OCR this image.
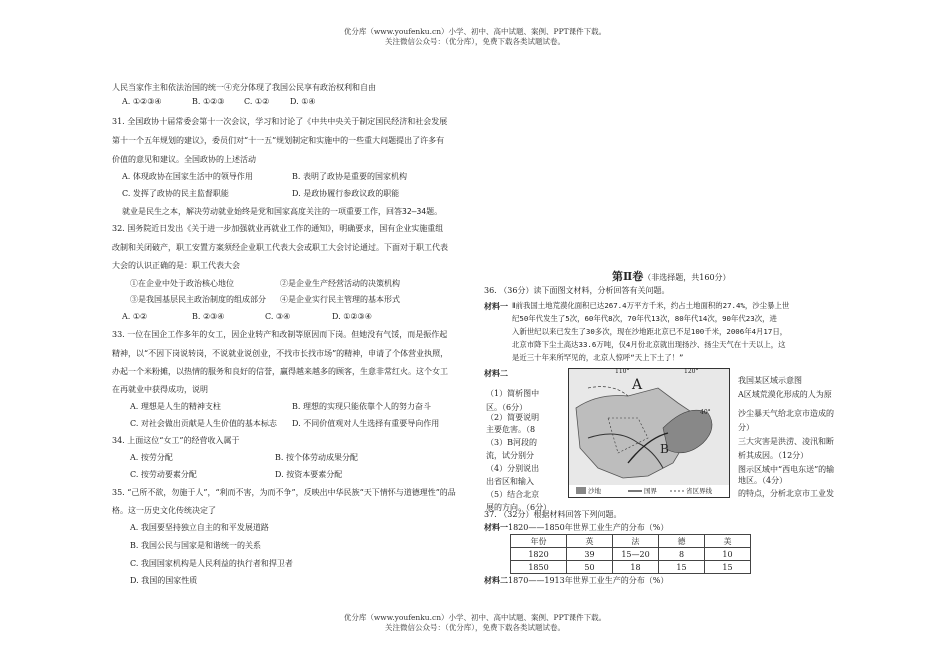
优分库（www.youfenku.cn）小学、初中、高中试题、案例、PPT课件下载。
关注微信公众号：（优分库），免费下载各类试题试卷。
人民当家作主和依法治国的统一④充分体现了我国公民享有政治权利和自由
A. ①②③④	B. ①②③ C. ①②	D. ①④
31. 全国政协十届常委会第十一次会议，学习和讨论了《中共中央关于制定国民经济和社会发展
第十一个五年规划的建议》，委员们对“十一五”规划制定和实施中的一些重大问题提出了许多有
价值的意见和建议。全国政协的上述活动
A. 体现政协在国家生活中的领导作用	B. 表明了政协是重要的国家机构
C. 发挥了政协的民主监督职能	D. 是政协履行参政议政的职能
就业是民生之本，解决劳动就业始终是党和国家高度关注的一项重要工作，回答32—34题。
32. 国务院近日发出《关于进一步加强就业再就业工作的通知》，明确要求，国有企业实施重组
改制和关闭破产，职工安置方案须经企业职工代表大会或职工大会讨论通过。下面对于职工代表
大会的认识正确的是：职工代表大会
①在企业中处于政治核心地位	②是企业生产经营活动的决策机构
③是我国基层民主政治制度的组成部分 ④是企业实行民主管理的基本形式
A. ①②	B. ②③④	C. ③④	D. ①②③④
33. 一位在国企工作多年的女工，因企业转产和改制等原因而下岗。但她没有气馁，而是振作起
精神，以“不因下岗说转岗，不说就业说创业，不找市长找市场”的精神，申请了个体营业执照，
办起一个米粉摊，以热情的服务和良好的信誉，赢得越来越多的顾客，生意非常红火。这个女工
在再就业中获得成功，说明
A. 理想是人生的精神支柱	B. 理想的实现只能依靠个人的努力奋斗
C. 对社会做出贡献是人生价值的基本标志 D. 不同价值观对人生选择有重要导向作用
34. 上面这位“女工”的经营收入属于
A. 按劳分配	B. 按个体劳动成果分配
C. 按劳动要素分配	D. 按资本要素分配
35. “己所不欲，勿施于人”，“利而不害，为而不争”，反映出中华民族“天下情怀与道德理性”的品
格。这一历史文化传统决定了
A. 我国要坚持独立自主的和平发展道路
B. 我国公民与国家是和谐统一的关系
C. 我国国家机构是人民利益的执行者和捍卫者
D. 我国的国家性质
第Ⅱ卷（非选择题，共160分）
36. （36分）读下面图文材料，分析回答有关问题。
材料一 Ⅱ前我国土地荒漠化面积已达267.4万平方千米，约占土地面积的27.4%，沙尘暴上世
纪50年代发生了5次，60年代8次，70年代13次，80年代14次，90年代23次，进
入新世纪以来已发生了30多次，现在沙地距北京已不足100千米，2006年4月17日，
北京市降下尘土高达33.6万吨，仅4月份北京就出现扬沙、扬尘天气在十天以上，这
是近三十年来所罕见的，北京人惊呼“天上下土了！”
材料二
A
B
110°	120°
40°
沙地	国界	省区界线
我国某区域示意图
A区域荒漠化形成的人为原
沙尘暴天气给北京市造成的
分）
三大灾害是洪涝、凌汛和断
析其成因。（12分）
图示区域中“西电东送”的输
地区。（4分）
的特点，分析北京市工业发
（1）简析图中
区。（6分）
（2）简要说明
主要危害。（8
（3）B河段的
流，试分别分
（4）分别说出
出省区和输入
（5）结合北京
展的方向。（6分）
37. （32分）根据材料回答下列问题。
材料一1820——1850年世界工业生产的分布（%）
年份	英	法	德	美
1820	39	15—20	8	10
1850	50	18	15	15
材料二1870——1913年世界工业生产的分布（%）
优分库（www.youfenku.cn）小学、初中、高中试题、案例、PPT课件下载。
关注微信公众号：（优分库），免费下载各类试题试卷。
